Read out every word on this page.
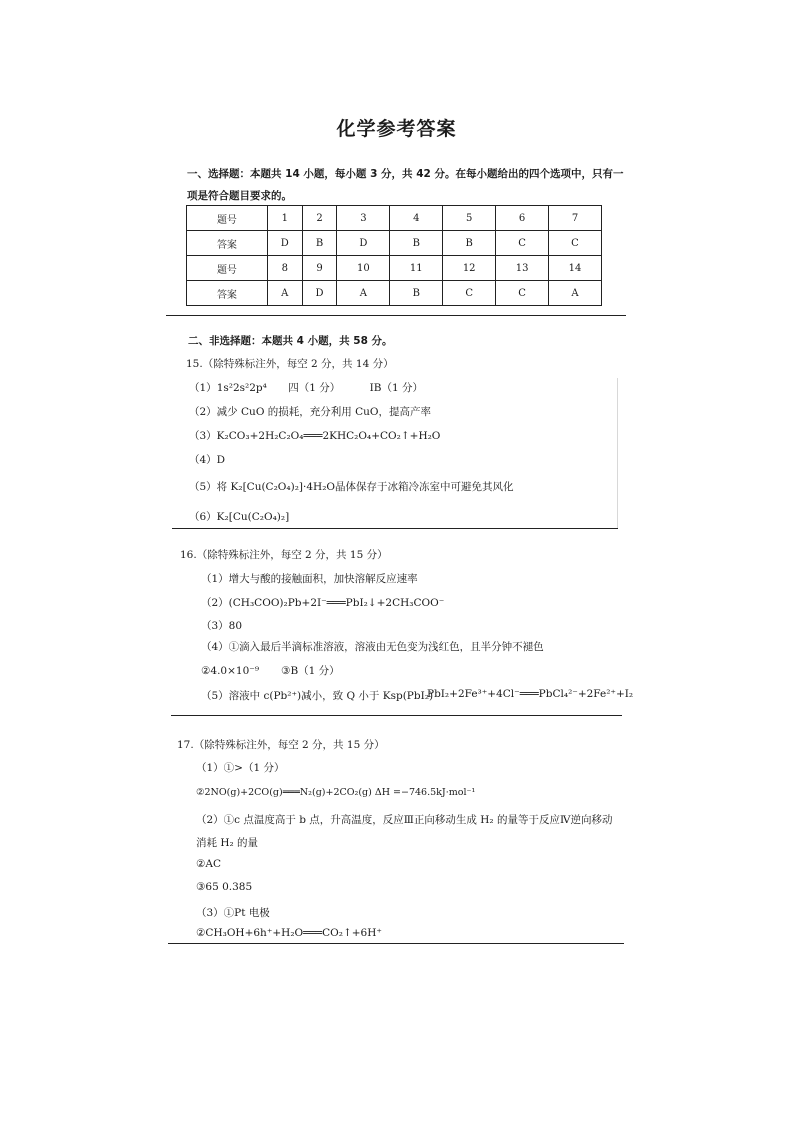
化学参考答案
一、选择题：本题共 14 小题，每小题 3 分，共 42 分。在每小题给出的四个选项中，只有一
项是符合题目要求的。
题号	1	2	3	4	5	6	7
答案	D	B	D	B	B	C	C
题号	8	9	10	11	12	13	14
答案	A	D	A	B	C	C	A
二、非选择题：本题共 4 小题，共 58 分。
15.（除特殊标注外，每空 2 分，共 14 分）
（1）1s²2s²2p⁴ 四（1 分）	ⅠB（1 分）
（2）减少 CuO 的损耗，充分利用 CuO，提高产率
（3）K₂CO₃+2H₂C₂O₄═══2KHC₂O₄+CO₂↑+H₂O
（4）D
（5）将 K₂[Cu(C₂O₄)₂]·4H₂O晶体保存于冰箱冷冻室中可避免其风化
（6）K₂[Cu(C₂O₄)₂]
16.（除特殊标注外，每空 2 分，共 15 分）
（1）增大与酸的接触面积，加快溶解反应速率
（2）(CH₃COO)₂Pb+2I⁻═══PbI₂↓+2CH₃COO⁻
（3）80
（4）①滴入最后半滴标准溶液，溶液由无色变为浅红色，且半分钟不褪色
②4.0×10⁻⁹ ③B（1 分）
（5）溶液中 c(Pb²⁺)减小，致 Q 小于 Ksp(PbI₂)
PbI₂+2Fe³⁺+4Cl⁻═══PbCl₄²⁻+2Fe²⁺+I₂
17.（除特殊标注外，每空 2 分，共 15 分）
（1）①>（1 分）
②2NO(g)+2CO(g)═══N₂(g)+2CO₂(g) ΔH =−746.5kJ·mol⁻¹
（2）①c 点温度高于 b 点，升高温度，反应Ⅲ正向移动生成 H₂ 的量等于反应Ⅳ逆向移动
消耗 H₂ 的量
②AC
③65 0.385
（3）①Pt 电极
②CH₃OH+6h⁺+H₂O═══CO₂↑+6H⁺
